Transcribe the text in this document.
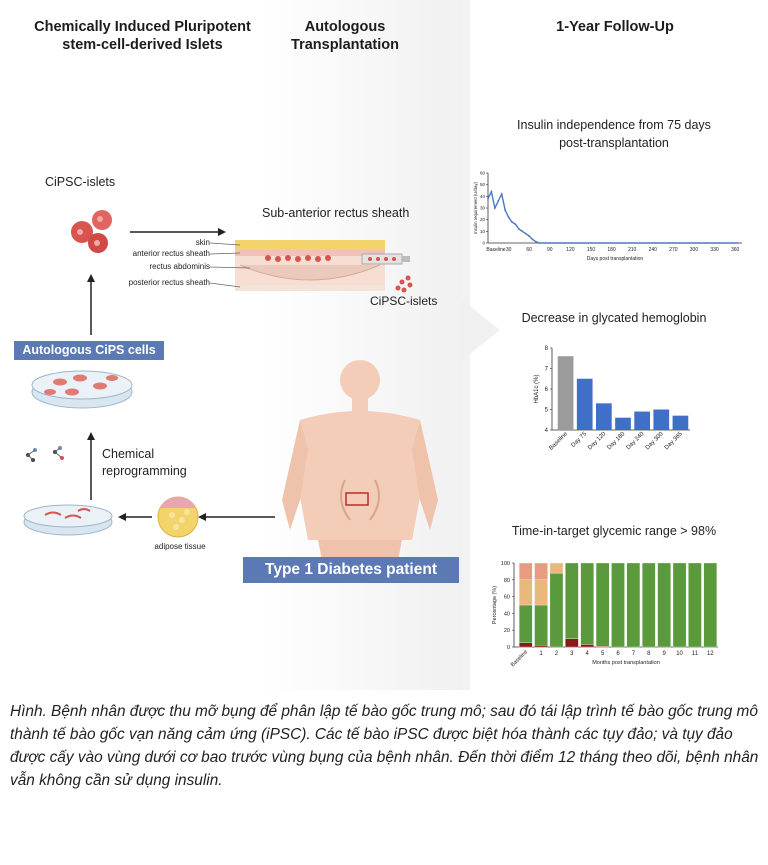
Chemically Induced Pluripotent
stem-cell-derived Islets
Autologous
Transplantation
1-Year Follow-Up
CiPSC-islets
Sub-anterior rectus sheath
skin
anterior rectus sheath
rectus abdominis
posterior rectus sheath
CiPSC-islets
Autologous CiPS cells
Chemical
reprogramming
adipose tissue
Type 1 Diabetes patient
Insulin independence from 75 days
post-transplantation
0
10
20
30
40
50
60
Baseline 30	60	90	120 150 180 210 240 270 300 330 360
Days post transplantation
Insulin requirement (U/day)
Decrease in glycated hemoglobin
4
5
6
7
8
HbA1c (%)
Baseline Day 75 Day 120 Day 180 Day 240 Day 300 Day 365
Time-in-target glycemic range > 98%
0
20
40
60
80
100
Percentage (%)
Baseline 1 2 3 4 5 6 7 8 9 10 11 12
Months post transplantation
Hình. Bệnh nhân được thu mỡ bụng để phân lập tế bào gốc trung mô; sau đó tái lập trình tế bào gốc trung mô thành tế bào gốc vạn năng cảm ứng (iPSC). Các tế bào iPSC được biệt hóa thành các tụy đảo; và tụy đảo được cấy vào vùng dưới cơ bao trước vùng bụng của bệnh nhân. Đến thời điểm 12 tháng theo dõi, bệnh nhân vẫn không cần sử dụng insulin.
